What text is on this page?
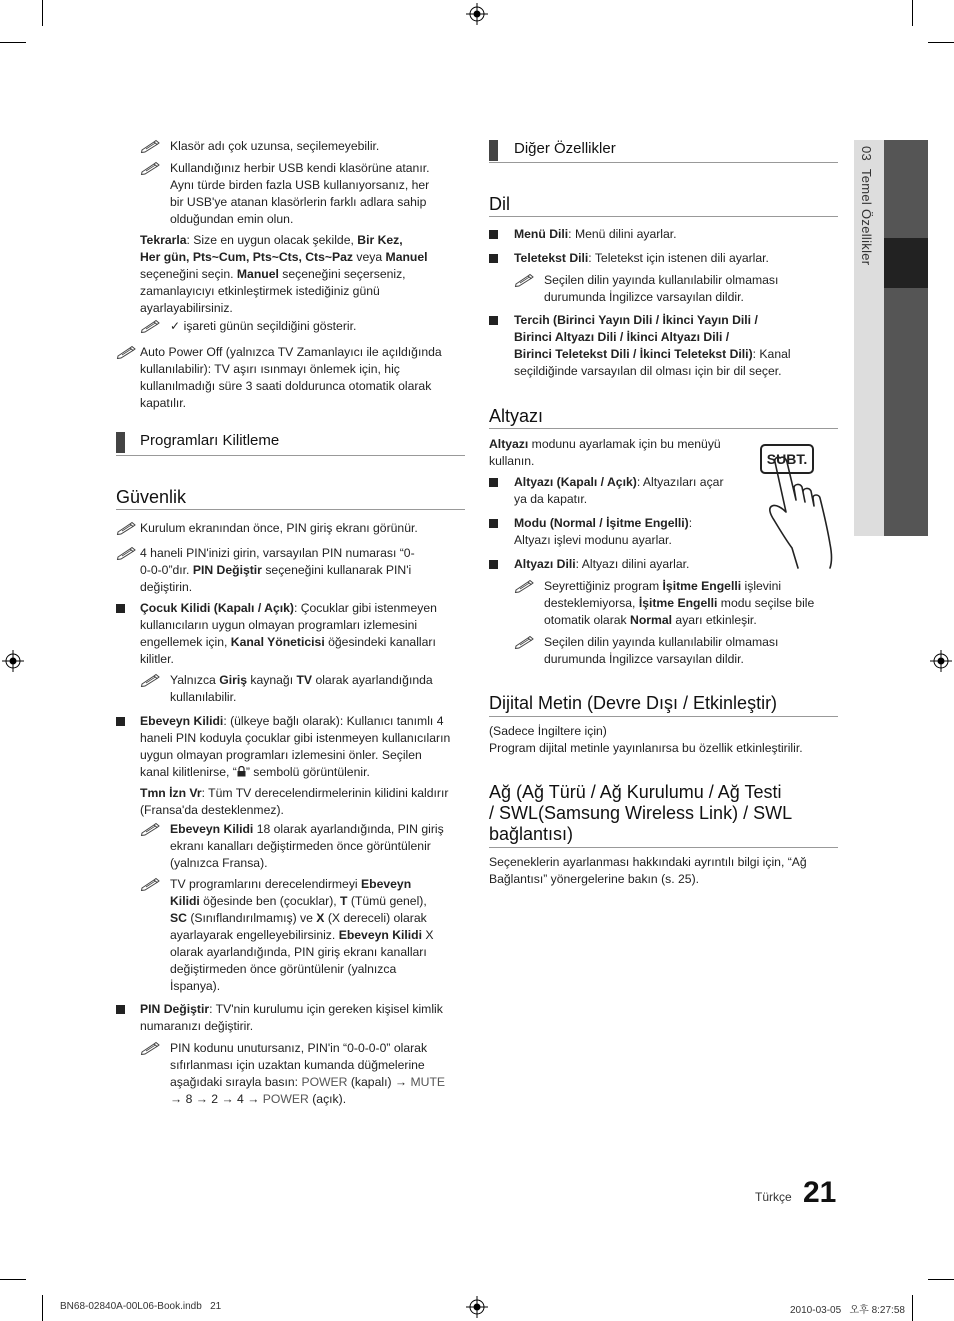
03  Temel Özellikler
Klasör adı çok uzunsa, seçilemeyebilir.
Kullandığınız herbir USB kendi klasörüne atanır.
Aynı türde birden fazla USB kullanıyorsanız, her
bir USB'ye atanan klasörlerin farklı adlara sahip
olduğundan emin olun.
Tekrarla: Size en uygun olacak şekilde, Bir Kez,
Her gün, Pts~Cum, Pts~Cts, Cts~Paz veya Manuel
seçeneğini seçin. Manuel seçeneğini seçerseniz,
zamanlayıcıyı etkinleştirmek istediğiniz günü
ayarlayabilirsiniz.
✓ işareti günün seçildiğini gösterir.
Auto Power Off (yalnızca TV Zamanlayıcı ile açıldığında
kullanılabilir): TV aşırı ısınmayı önlemek için, hiç
kullanılmadığı süre 3 saati doldurunca otomatik olarak
kapatılır.
Programları Kilitleme
Güvenlik
Kurulum ekranından önce, PIN giriş ekranı görünür.
4 haneli PIN'inizi girin, varsayılan PIN numarası “0-
0-0-0”dır. PIN Değiştir seçeneğini kullanarak PIN'i
değiştirin.
Çocuk Kilidi (Kapalı / Açık): Çocuklar gibi istenmeyen
kullanıcıların uygun olmayan programları izlemesini
engellemek için, Kanal Yöneticisi öğesindeki kanalları
kilitler.
Yalnızca Giriş kaynağı TV olarak ayarlandığında
kullanılabilir.
Ebeveyn Kilidi: (ülkeye bağlı olarak): Kullanıcı tanımlı 4
haneli PIN koduyla çocuklar gibi istenmeyen kullanıcıların
uygun olmayan programları izlemesini önler. Seçilen
kanal kilitlenirse, “ ” sembolü görüntülenir.
Tmn İzn Vr: Tüm TV derecelendirmelerinin kilidini kaldırır
(Fransa'da desteklenmez).
Ebeveyn Kilidi 18 olarak ayarlandığında, PIN giriş
ekranı kanalları değiştirmeden önce görüntülenir
(yalnızca Fransa).
TV programlarını derecelendirmeyi Ebeveyn
Kilidi öğesinde ben (çocuklar), T (Tümü genel),
SC (Sınıflandırılmamış) ve X (X dereceli) olarak
ayarlayarak engelleyebilirsiniz. Ebeveyn Kilidi X
olarak ayarlandığında, PIN giriş ekranı kanalları
değiştirmeden önce görüntülenir (yalnızca
İspanya).
PIN Değiştir: TV'nin kurulumu için gereken kişisel kimlik
numaranızı değiştirir.
PIN kodunu unutursanız, PIN'in “0-0-0-0” olarak
sıfırlanması için uzaktan kumanda düğmelerine
aşağıdaki sırayla basın: POWER (kapalı) → MUTE
→ 8 → 2 → 4 → POWER (açık).
Diğer Özellikler
Dil
Menü Dili: Menü dilini ayarlar.
Teletekst Dili: Teletekst için istenen dili ayarlar.
Seçilen dilin yayında kullanılabilir olmaması
durumunda İngilizce varsayılan dildir.
Tercih (Birinci Yayın Dili / İkinci Yayın Dili /
Birinci Altyazı Dili / İkinci Altyazı Dili /
Birinci Teletekst Dili / İkinci Teletekst Dili): Kanal
seçildiğinde varsayılan dil olması için bir dil seçer.
Altyazı
Altyazı modunu ayarlamak için bu menüyü
kullanın.	SUBT.
Altyazı (Kapalı / Açık): Altyazıları açar
ya da kapatır.
Modu (Normal / İşitme Engelli):
Altyazı işlevi modunu ayarlar.
Altyazı Dili: Altyazı dilini ayarlar.
Seyrettiğiniz program İşitme Engelli işlevini
desteklemiyorsa, İşitme Engelli modu seçilse bile
otomatik olarak Normal ayarı etkinleşir.
Seçilen dilin yayında kullanılabilir olmaması
durumunda İngilizce varsayılan dildir.
Dijital Metin (Devre Dışı / Etkinleştir)
(Sadece İngiltere için)
Program dijital metinle yayınlanırsa bu özellik etkinleştirilir.
Ağ (Ağ Türü / Ağ Kurulumu / Ağ Testi
/ SWL(Samsung Wireless Link) / SWL
bağlantısı)
Seçeneklerin ayarlanması hakkındaki ayrıntılı bilgi için, “Ağ
Bağlantısı” yönergelerine bakın (s. 25).
Türkçe 21
BN68-02840A-00L06-Book.indb   21	2010-03-05   오후 8:27:58
